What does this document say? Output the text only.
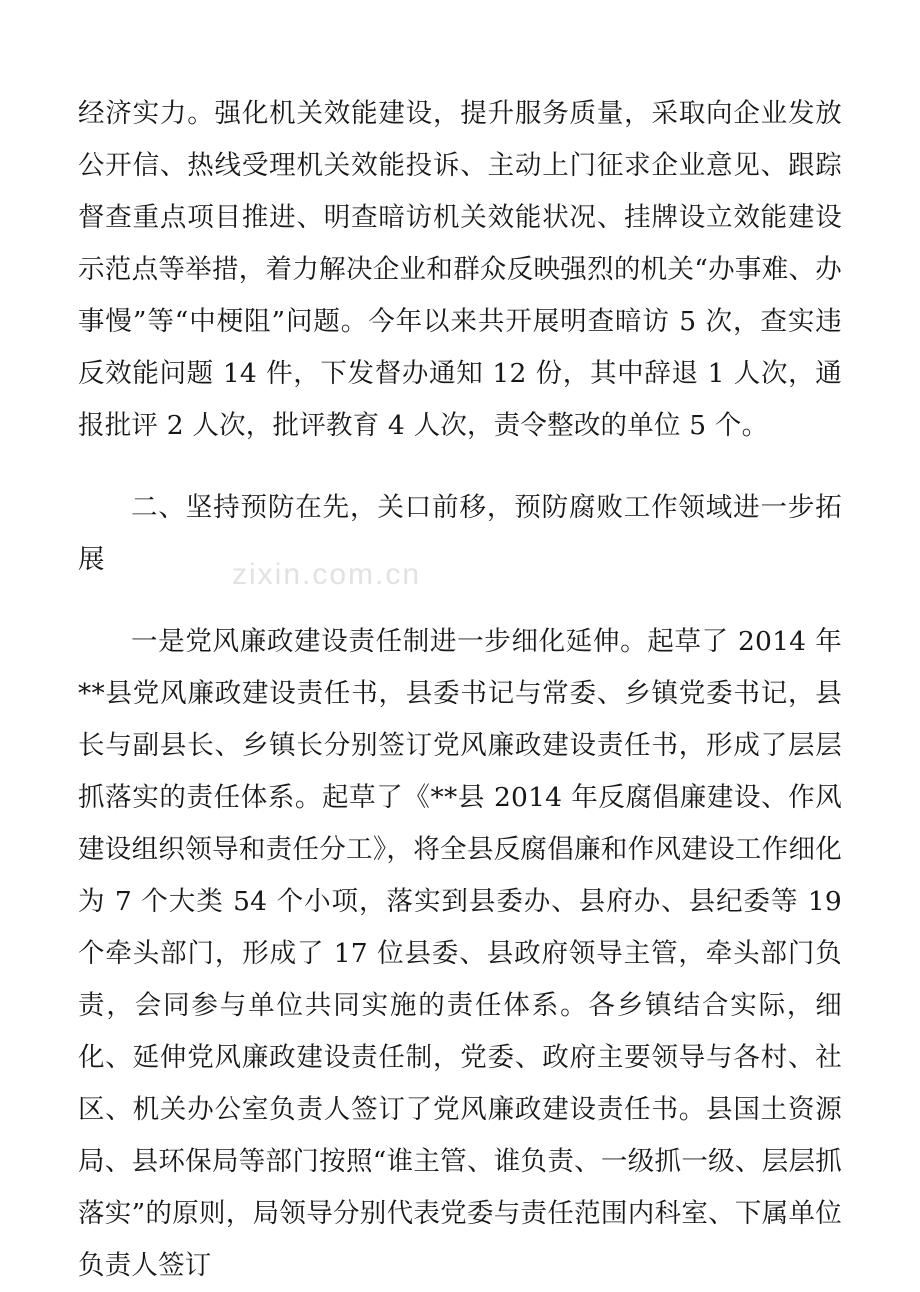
zixin.com.cn

经济实力。强化机关效能建设，提升服务质量，采取向企业发放公开信、热线受理机关效能投诉、主动上门征求企业意见、跟踪督查重点项目推进、明查暗访机关效能状况、挂牌设立效能建设示范点等举措，着力解决企业和群众反映强烈的机关“办事难、办事慢”等“中梗阻”问题。今年以来共开展明查暗访 5 次，查实违反效能问题 14 件，下发督办通知 12 份，其中辞退 1 人次，通报批评 2 人次，批评教育 4 人次，责令整改的单位 5 个。

二、坚持预防在先，关口前移，预防腐败工作领域进一步拓展

一是党风廉政建设责任制进一步细化延伸。起草了 2014 年**县党风廉政建设责任书，县委书记与常委、乡镇党委书记，县长与副县长、乡镇长分别签订党风廉政建设责任书，形成了层层抓落实的责任体系。起草了《**县 2014 年反腐倡廉建设、作风建设组织领导和责任分工》，将全县反腐倡廉和作风建设工作细化为 7 个大类 54 个小项，落实到县委办、县府办、县纪委等 19 个牵头部门，形成了 17 位县委、县政府领导主管，牵头部门负责，会同参与单位共同实施的责任体系。各乡镇结合实际，细化、延伸党风廉政建设责任制，党委、政府主要领导与各村、社区、机关办公室负责人签订了党风廉政建设责任书。县国土资源局、县环保局等部门按照“谁主管、谁负责、一级抓一级、层层抓落实”的原则，局领导分别代表党委与责任范围内科室、下属单位负责人签订
